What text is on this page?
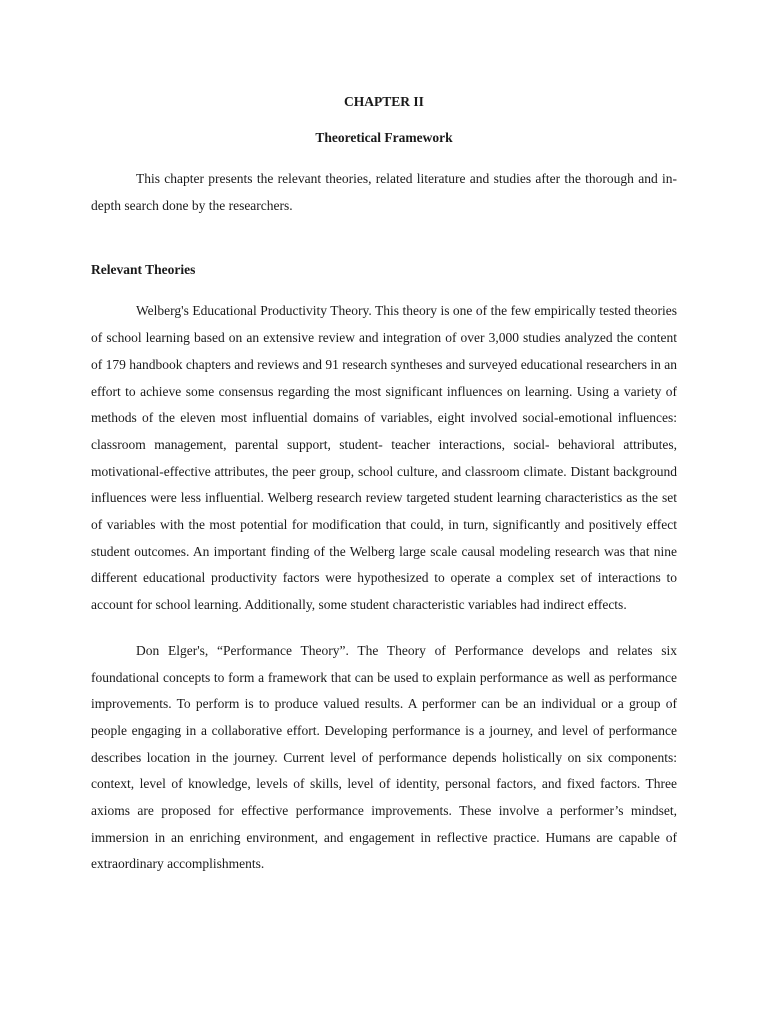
CHAPTER II
Theoretical Framework

This chapter presents the relevant theories, related literature and studies after the thorough and in-depth search done by the researchers.

Relevant Theories

Welberg's Educational Productivity Theory. This theory is one of the few empirically tested theories of school learning based on an extensive review and integration of over 3,000 studies analyzed the content of 179 handbook chapters and reviews and 91 research syntheses and surveyed educational researchers in an effort to achieve some consensus regarding the most significant influences on learning. Using a variety of methods of the eleven most influential domains of variables, eight involved social-emotional influences: classroom management, parental support, student- teacher interactions, social- behavioral attributes, motivational-effective attributes, the peer group, school culture, and classroom climate. Distant background influences were less influential. Welberg research review targeted student learning characteristics as the set of variables with the most potential for modification that could, in turn, significantly and positively effect student outcomes. An important finding of the Welberg large scale causal modeling research was that nine different educational productivity factors were hypothesized to operate a complex set of interactions to account for school learning. Additionally, some student characteristic variables had indirect effects.

Don Elger's, “Performance Theory”. The Theory of Performance develops and relates six foundational concepts to form a framework that can be used to explain performance as well as performance improvements. To perform is to produce valued results. A performer can be an individual or a group of people engaging in a collaborative effort. Developing performance is a journey, and level of performance describes location in the journey. Current level of performance depends holistically on six components: context, level of knowledge, levels of skills, level of identity, personal factors, and fixed factors. Three axioms are proposed for effective performance improvements. These involve a performer’s mindset, immersion in an enriching environment, and engagement in reflective practice. Humans are capable of extraordinary accomplishments.
